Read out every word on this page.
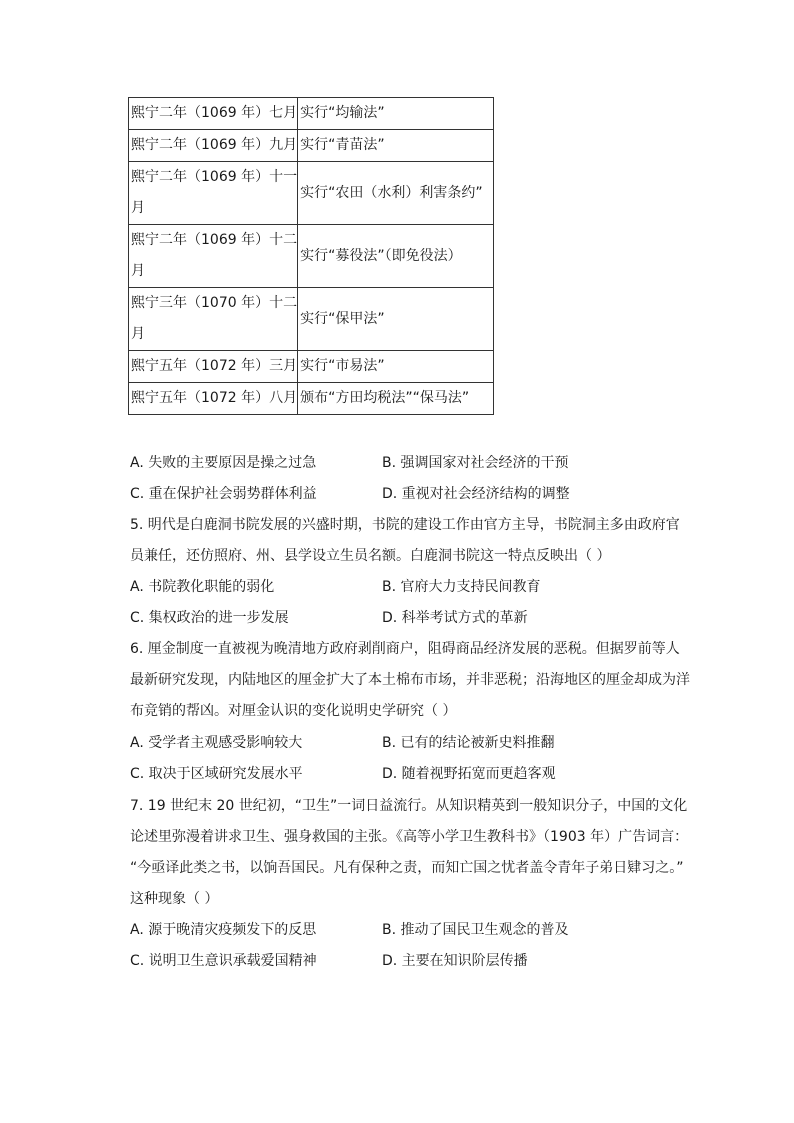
熙宁二年（1069 年）七月	实行“均输法”
熙宁二年（1069 年）九月	实行“青苗法”
熙宁二年（1069 年）十一
月	实行“农田（水利）利害条约”
熙宁二年（1069 年）十二
月	实行“募役法”（即免役法）
熙宁三年（1070 年）十二
月	实行“保甲法”
熙宁五年（1072 年）三月	实行“市易法”
熙宁五年（1072 年）八月	颁布“方田均税法”“保马法”
A. 失败的主要原因是操之过急	B. 强调国家对社会经济的干预
C. 重在保护社会弱势群体利益	D. 重视对社会经济结构的调整
5. 明代是白鹿洞书院发展的兴盛时期，书院的建设工作由官方主导，书院洞主多由政府官
员兼任，还仿照府、州、县学设立生员名额。白鹿洞书院这一特点反映出（ ）
A. 书院教化职能的弱化	B. 官府大力支持民间教育
C. 集权政治的进一步发展	D. 科举考试方式的革新
6. 厘金制度一直被视为晚清地方政府剥削商户，阻碍商品经济发展的恶税。但据罗前等人
最新研究发现，内陆地区的厘金扩大了本土棉布市场，并非恶税；沿海地区的厘金却成为洋
布竞销的帮凶。对厘金认识的变化说明史学研究（ ）
A. 受学者主观感受影响较大	B. 已有的结论被新史料推翻
C. 取决于区域研究发展水平	D. 随着视野拓宽而更趋客观
7. 19 世纪末 20 世纪初，“卫生”一词日益流行。从知识精英到一般知识分子，中国的文化
论述里弥漫着讲求卫生、强身救国的主张。《高等小学卫生教科书》（1903 年）广告词言：
“今亟译此类之书，以饷吾国民。凡有保种之责，而知亡国之忧者盖令青年子弟日肄习之。”
这种现象（ ）
A. 源于晚清灾疫频发下的反思	B. 推动了国民卫生观念的普及
C. 说明卫生意识承载爱国精神	D. 主要在知识阶层传播
